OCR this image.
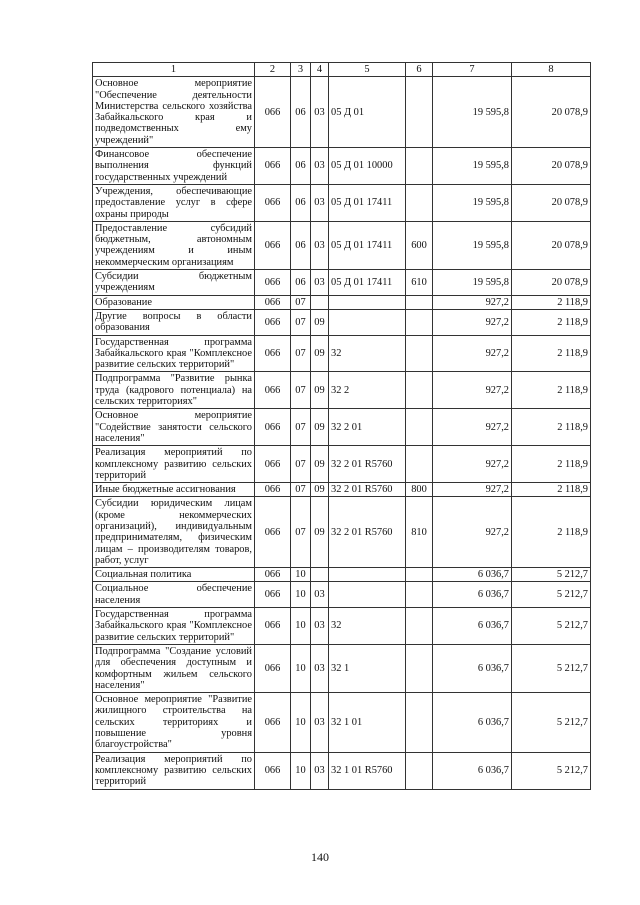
1	2	3	4	5	6	7	8
Основное мероприятие "Обеспечение деятельности Министерства сельского хозяйства Забайкальского края и подведомственных ему учреждений"	066	06	03	05 Д 01		19 595,8	20 078,9
Финансовое обеспечение выполнения функций государственных учреждений	066	06	03	05 Д 01 10000		19 595,8	20 078,9
Учреждения, обеспечивающие предоставление услуг в сфере охраны природы	066	06	03	05 Д 01 17411		19 595,8	20 078,9
Предоставление субсидий бюджетным, автономным учреждениям и иным некоммерческим организациям	066	06	03	05 Д 01 17411	600	19 595,8	20 078,9
Субсидии бюджетным учреждениям	066	06	03	05 Д 01 17411	610	19 595,8	20 078,9
Образование	066	07				927,2	2 118,9
Другие вопросы в области образования	066	07	09			927,2	2 118,9
Государственная программа Забайкальского края "Комплексное развитие сельских территорий"	066	07	09	32		927,2	2 118,9
Подпрограмма "Развитие рынка труда (кадрового потенциала) на сельских территориях"	066	07	09	32 2		927,2	2 118,9
Основное мероприятие "Содействие занятости сельского населения"	066	07	09	32 2 01		927,2	2 118,9
Реализация мероприятий по комплексному развитию сельских территорий	066	07	09	32 2 01 R5760		927,2	2 118,9
Иные бюджетные ассигнования	066	07	09	32 2 01 R5760	800	927,2	2 118,9
Субсидии юридическим лицам (кроме некоммерческих организаций), индивидуальным предпринимателям, физическим лицам – производителям товаров, работ, услуг	066	07	09	32 2 01 R5760	810	927,2	2 118,9
Социальная политика	066	10				6 036,7	5 212,7
Социальное обеспечение населения	066	10	03			6 036,7	5 212,7
Государственная программа Забайкальского края "Комплексное развитие сельских территорий"	066	10	03	32		6 036,7	5 212,7
Подпрограмма "Создание условий для обеспечения доступным и комфортным жильем сельского населения"	066	10	03	32 1		6 036,7	5 212,7
Основное мероприятие "Развитие жилищного строительства на сельских территориях и повышение уровня благоустройства"	066	10	03	32 1 01		6 036,7	5 212,7
Реализация мероприятий по комплексному развитию сельских территорий	066	10	03	32 1 01 R5760		6 036,7	5 212,7
140
